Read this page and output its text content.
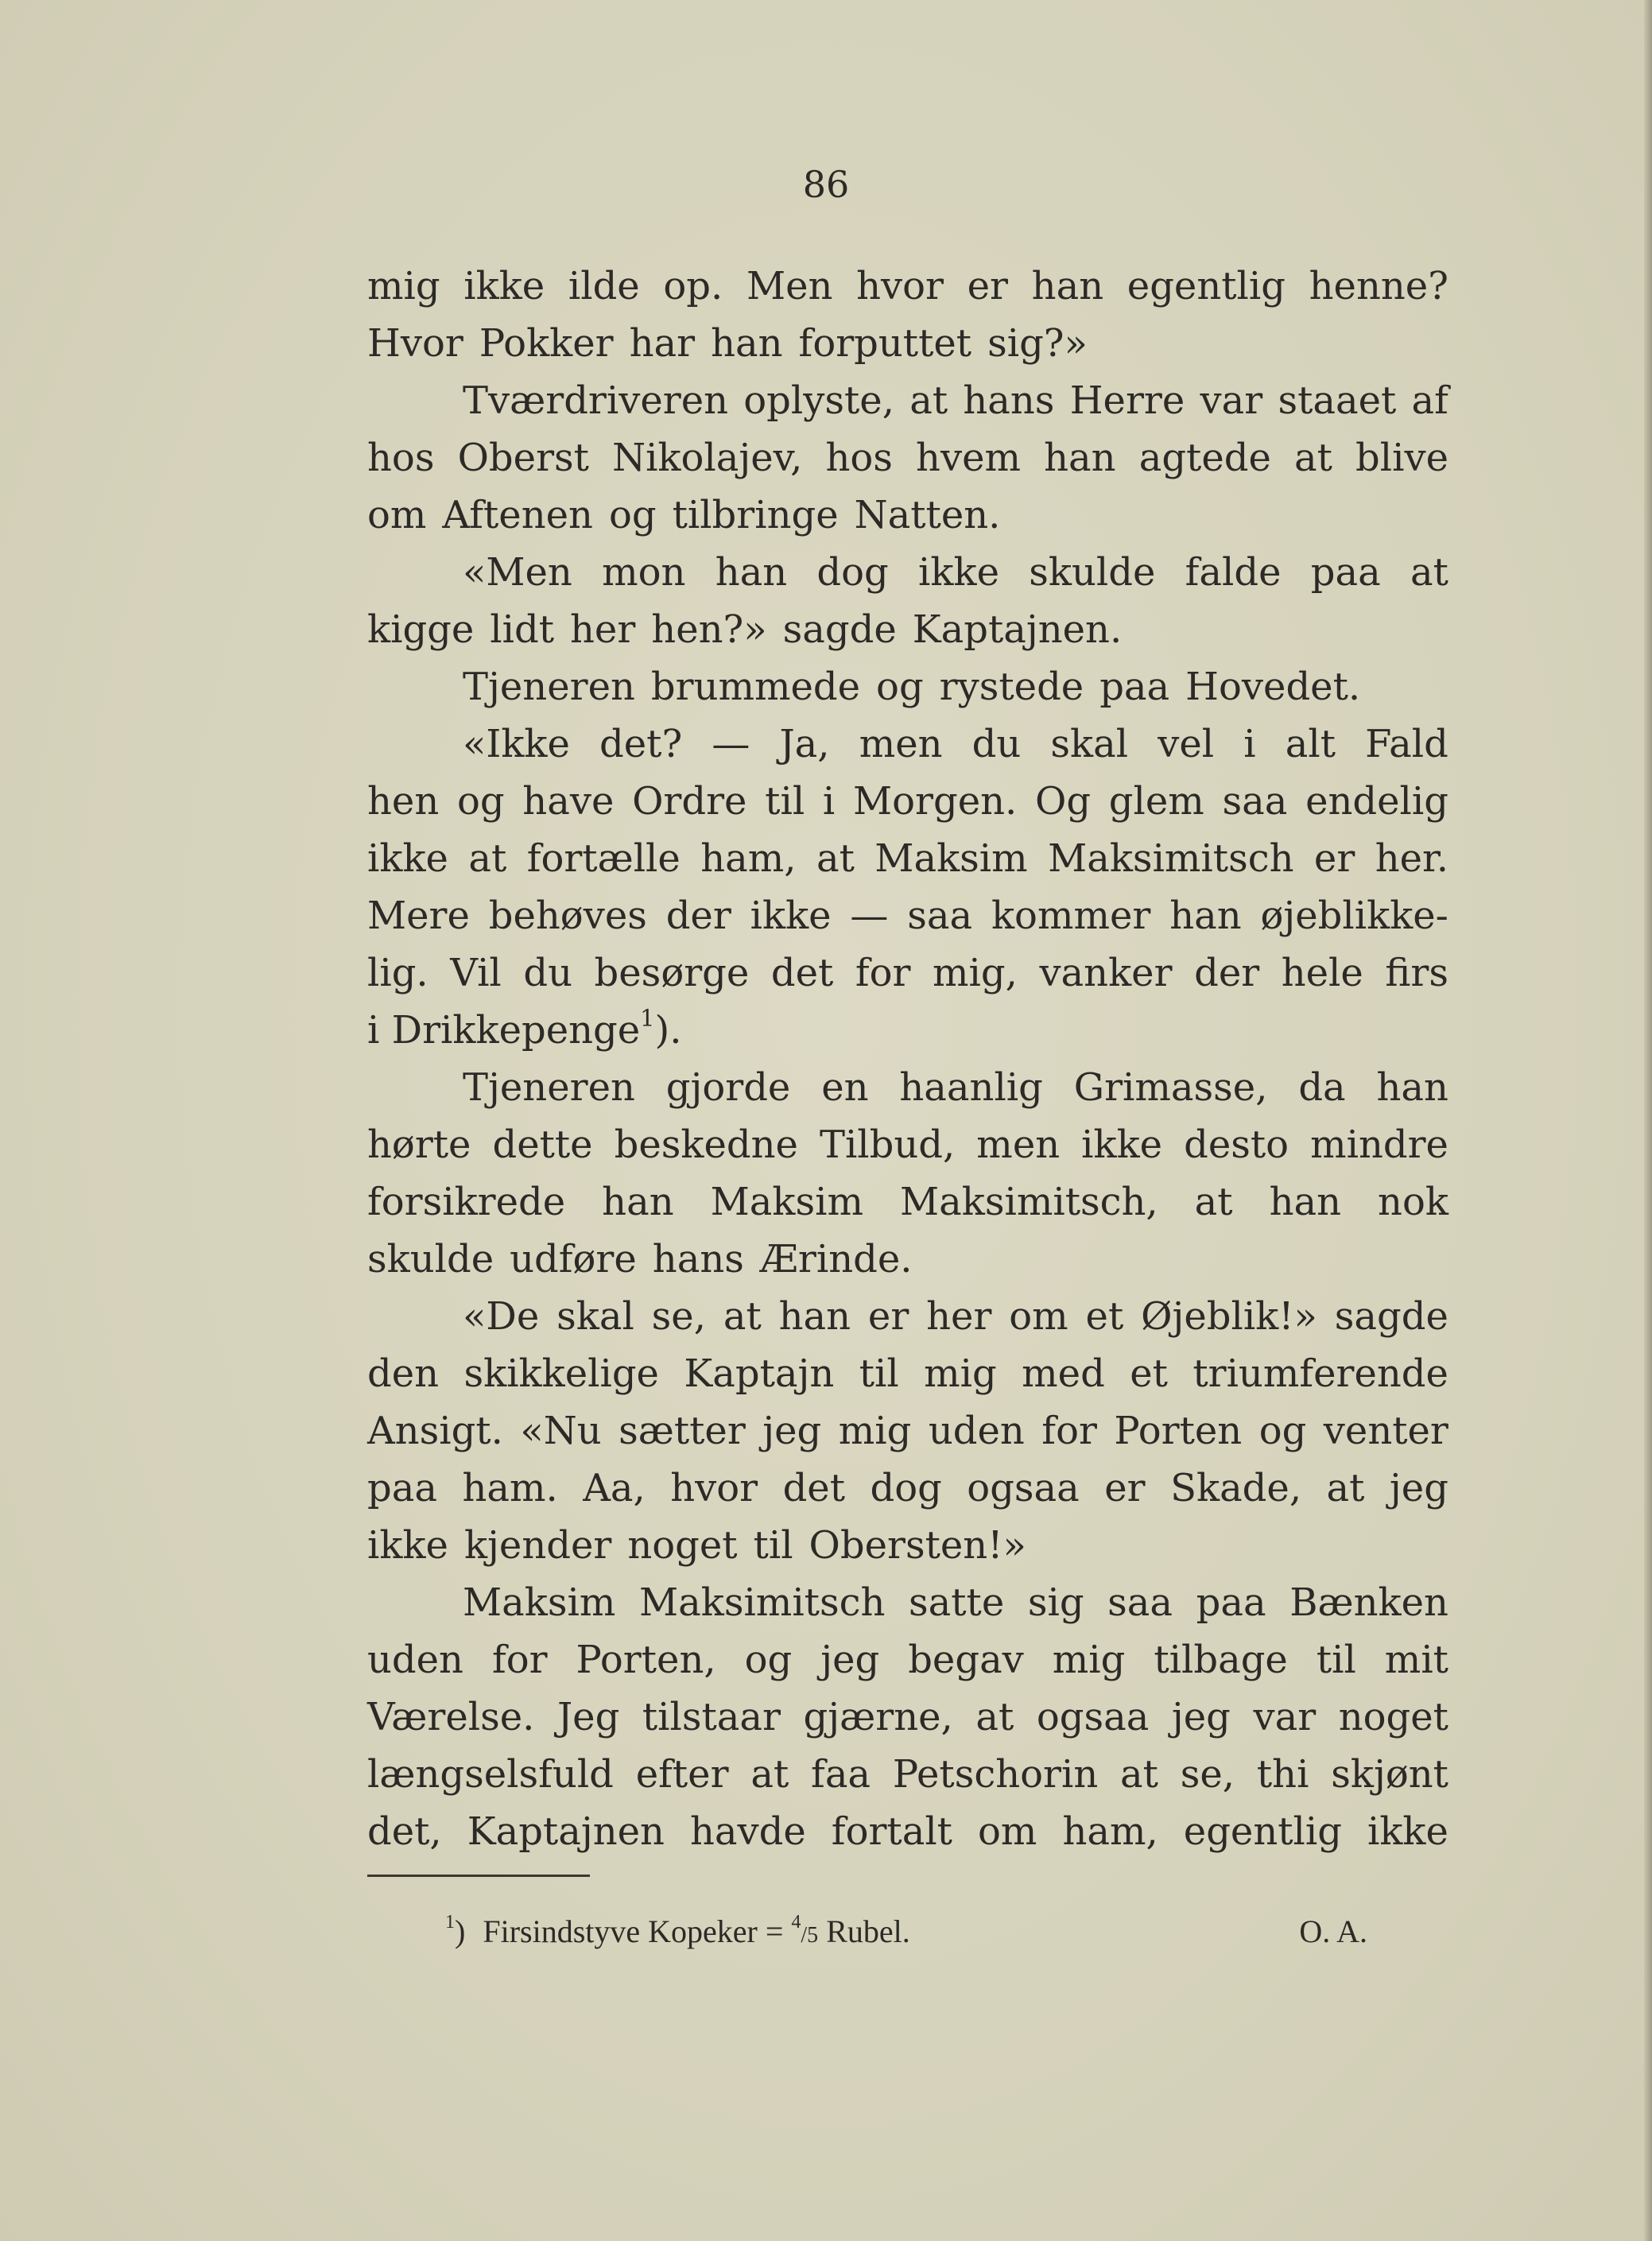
86
mig ikke ilde op. Men hvor er han egentlig henne?
Hvor Pokker har han forputtet sig?»
Tværdriveren oplyste, at hans Herre var staaet af
hos Oberst Nikolajev, hos hvem han agtede at blive
om Aftenen og tilbringe Natten.
«Men mon han dog ikke skulde falde paa at
kigge lidt her hen?» sagde Kaptajnen.
Tjeneren brummede og rystede paa Hovedet.
«Ikke det? — Ja, men du skal vel i alt Fald
hen og have Ordre til i Morgen. Og glem saa endelig
ikke at fortælle ham, at Maksim Maksimitsch er her.
Mere behøves der ikke — saa kommer han øjeblikke-
lig. Vil du besørge det for mig, vanker der hele firs
i Drikkepenge $^1$).
Tjeneren gjorde en haanlig Grimasse, da han
hørte dette beskedne Tilbud, men ikke desto mindre
forsikrede han Maksim Maksimitsch, at han nok
skulde udføre hans Ærinde.
«De skal se, at han er her om et Øjeblik!» sagde
den skikkelige Kaptajn til mig med et triumferende
Ansigt. «Nu sætter jeg mig uden for Porten og venter
paa ham. Aa, hvor det dog ogsaa er Skade, at jeg
ikke kjender noget til Obersten!»
Maksim Maksimitsch satte sig saa paa Bænken
uden for Porten, og jeg begav mig tilbage til mit
Værelse. Jeg tilstaar gjærne, at ogsaa jeg var noget
længselsfuld efter at faa Petschorin at se, thi skjønt
det, Kaptajnen havde fortalt om ham, egentlig ikke
$^1$) Firsindstyve Kopeker = $^4$/5 Rubel.	O. A.
